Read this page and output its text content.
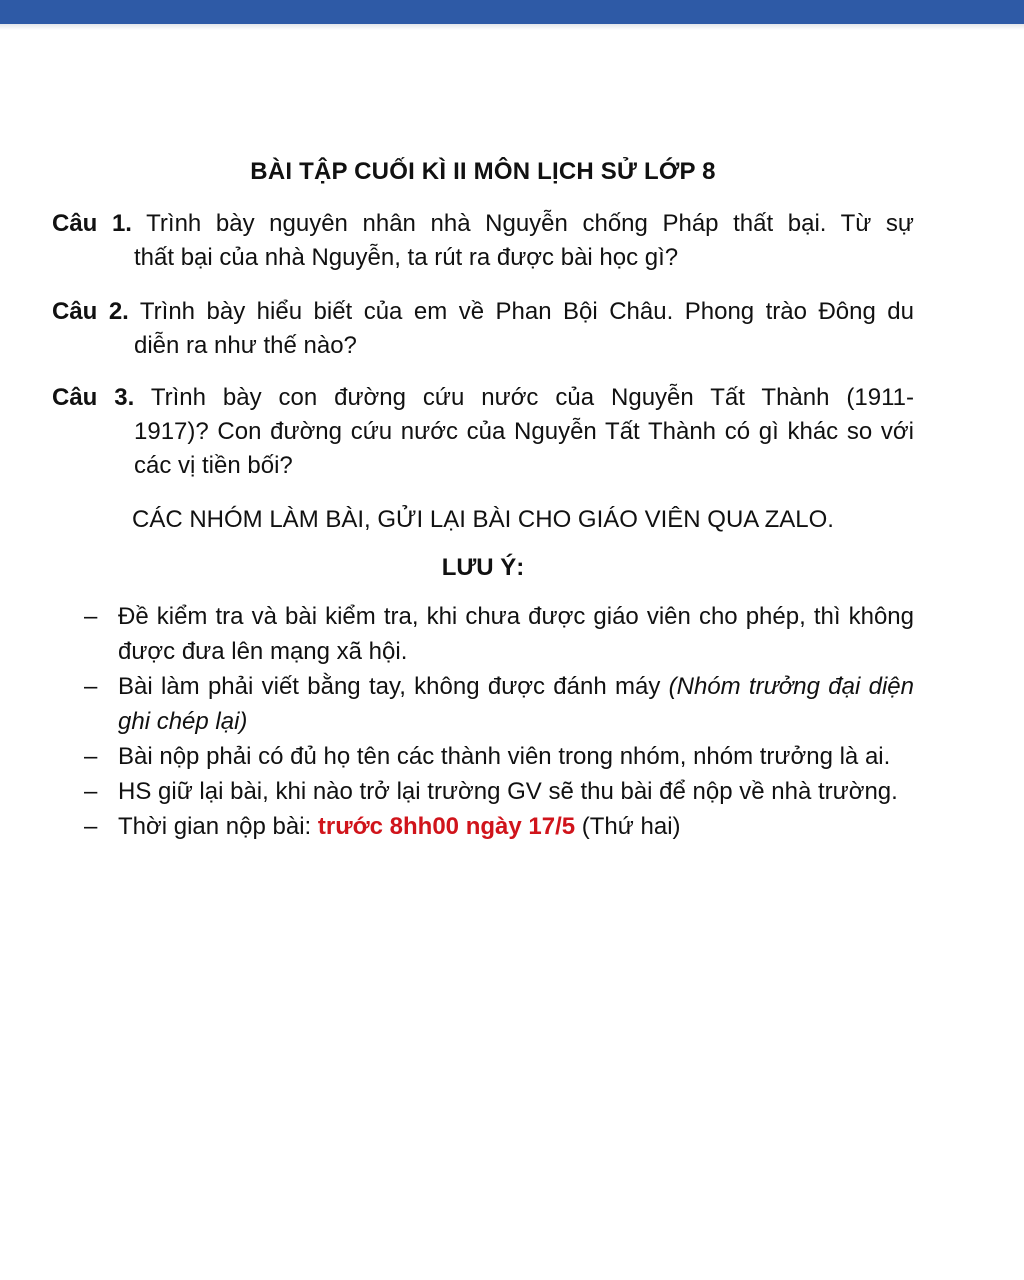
BÀI TẬP CUỐI KÌ II MÔN LỊCH SỬ LỚP 8
Câu 1. Trình bày nguyên nhân nhà Nguyễn chống Pháp thất bại. Từ sự
thất bại của nhà Nguyễn, ta rút ra được bài học gì?
Câu 2. Trình bày hiểu biết của em về Phan Bội Châu. Phong trào Đông du
diễn ra như thế nào?
Câu 3. Trình bày con đường cứu nước của Nguyễn Tất Thành (1911-
1917)? Con đường cứu nước của Nguyễn Tất Thành có gì khác so với các vị tiền bối?
CÁC NHÓM LÀM BÀI, GỬI LẠI BÀI CHO GIÁO VIÊN QUA ZALO.
LƯU Ý:
– Đề kiểm tra và bài kiểm tra, khi chưa được giáo viên cho phép, thì không được đưa lên mạng xã hội.
– Bài làm phải viết bằng tay, không được đánh máy (Nhóm trưởng đại diện ghi chép lại)
– Bài nộp phải có đủ họ tên các thành viên trong nhóm, nhóm trưởng là ai.
– HS giữ lại bài, khi nào trở lại trường GV sẽ thu bài để nộp về nhà trường.
– Thời gian nộp bài: trước 8hh00 ngày 17/5 (Thứ hai)
